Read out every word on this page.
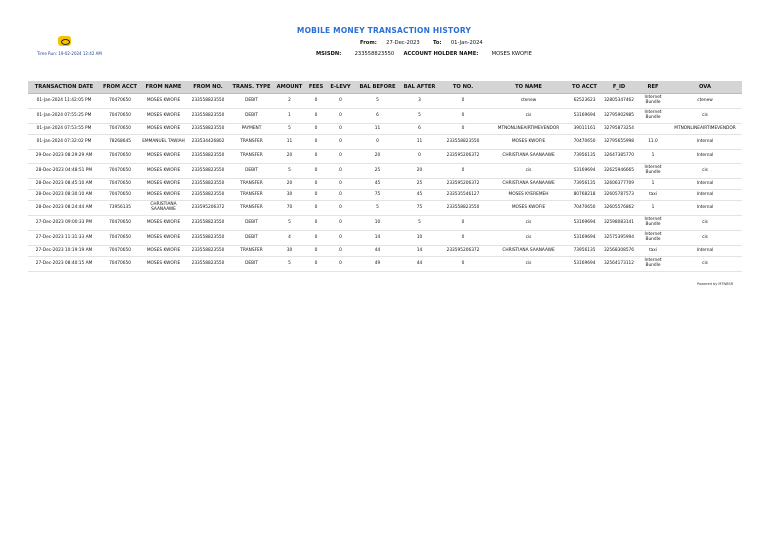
Time Run: 19-02-2024 12:42 AM
MOBILE MONEY TRANSACTION HISTORY
From: 27-Dec-2023	To: 01-Jan-2024
MSISDN:	233558823550 ACCOUNT HOLDER NAME:	MOSES KWOFIE
TRANSACTION DATE	FROM ACCT	FROM NAME	FROM NO.	TRANS. TYPE	AMOUNT	FEES	E-LEVY	BAL BEFORE	BAL AFTER	TO NO.	TO NAME	TO ACCT	F_ID	REF	OVA
01-Jan-2024 11:42:05 PM	70470650	MOSES KWOFIE	233558823550	DEBIT	2	0	0	5	3	0	ctenew	62523623	32805347462	Internet Bundle	ctenew
01-Jan-2024 07:55:25 PM	70470650	MOSES KWOFIE	233558823550	DEBIT	1	0	0	6	5	0	cis	53169694	32795902985	Internet Bundle	cis
01-Jan-2024 07:53:55 PM	70470650	MOSES KWOFIE	233558823550	PAYMENT	5	0	0	11	6	0	MTNONLINEAIRTIMEVENDOR	39011161	32795873254		MTNONLINEAIRTIMEVENDOR
01-Jan-2024 07:32:02 PM	78268645	EMMANUEL TAWIAH	233534426802	TRANSFER	11	0	0	0	11	233558823550	MOSES KWOFIE	70470650	32795655998	11.0	Internal
29-Dec-2023 08:29:29 AM	70470650	MOSES KWOFIE	233558823550	TRANSFER	20	0	0	20	0	233595206372	CHRISTIANA SAANAAWE	73956135	32647385770	1	Internal
28-Dec-2023 04:48:51 PM	70470650	MOSES KWOFIE	233558823550	DEBIT	5	0	0	25	20	0	cis	53169694	32625946665	Internet Bundle	cis
28-Dec-2023 08:45:10 AM	70470650	MOSES KWOFIE	233558823550	TRANSFER	20	0	0	45	25	233595206372	CHRISTIANA SAANAAWE	73956135	32606377709	1	Internal
28-Dec-2023 08:30:10 AM	70470650	MOSES KWOFIE	233558823550	TRANSFER	30	0	0	75	45	233535546127	MOSES KYEREMEH	80768218	32605787573	taxi	Internal
28-Dec-2023 08:24:44 AM	73956135	CHRISTIANA SAANAAWE	233595206372	TRANSFER	70	0	0	5	75	233558823550	MOSES KWOFIE	70470650	32605576862	1	Internal
27-Dec-2023 09:00:33 PM	70470650	MOSES KWOFIE	233558823550	DEBIT	5	0	0	10	5	0	cis	53169694	32598083141	Internet Bundle	cis
27-Dec-2023 11:31:33 AM	70470650	MOSES KWOFIE	233558823550	DEBIT	4	0	0	14	10	0	cis	53169694	32575395994	Internet Bundle	cis
27-Dec-2023 10:19:19 AM	70470650	MOSES KWOFIE	233558823550	TRANSFER	30	0	0	44	14	233595206372	CHRISTIANA SAANAAWE	73956135	32568308576	taxi	Internal
27-Dec-2023 08:40:15 AM	70470650	MOSES KWOFIE	233558823550	DEBIT	5	0	0	49	44	0	cis	53169694	32564173112	Internet Bundle	cis
Powered by MTNBSR
